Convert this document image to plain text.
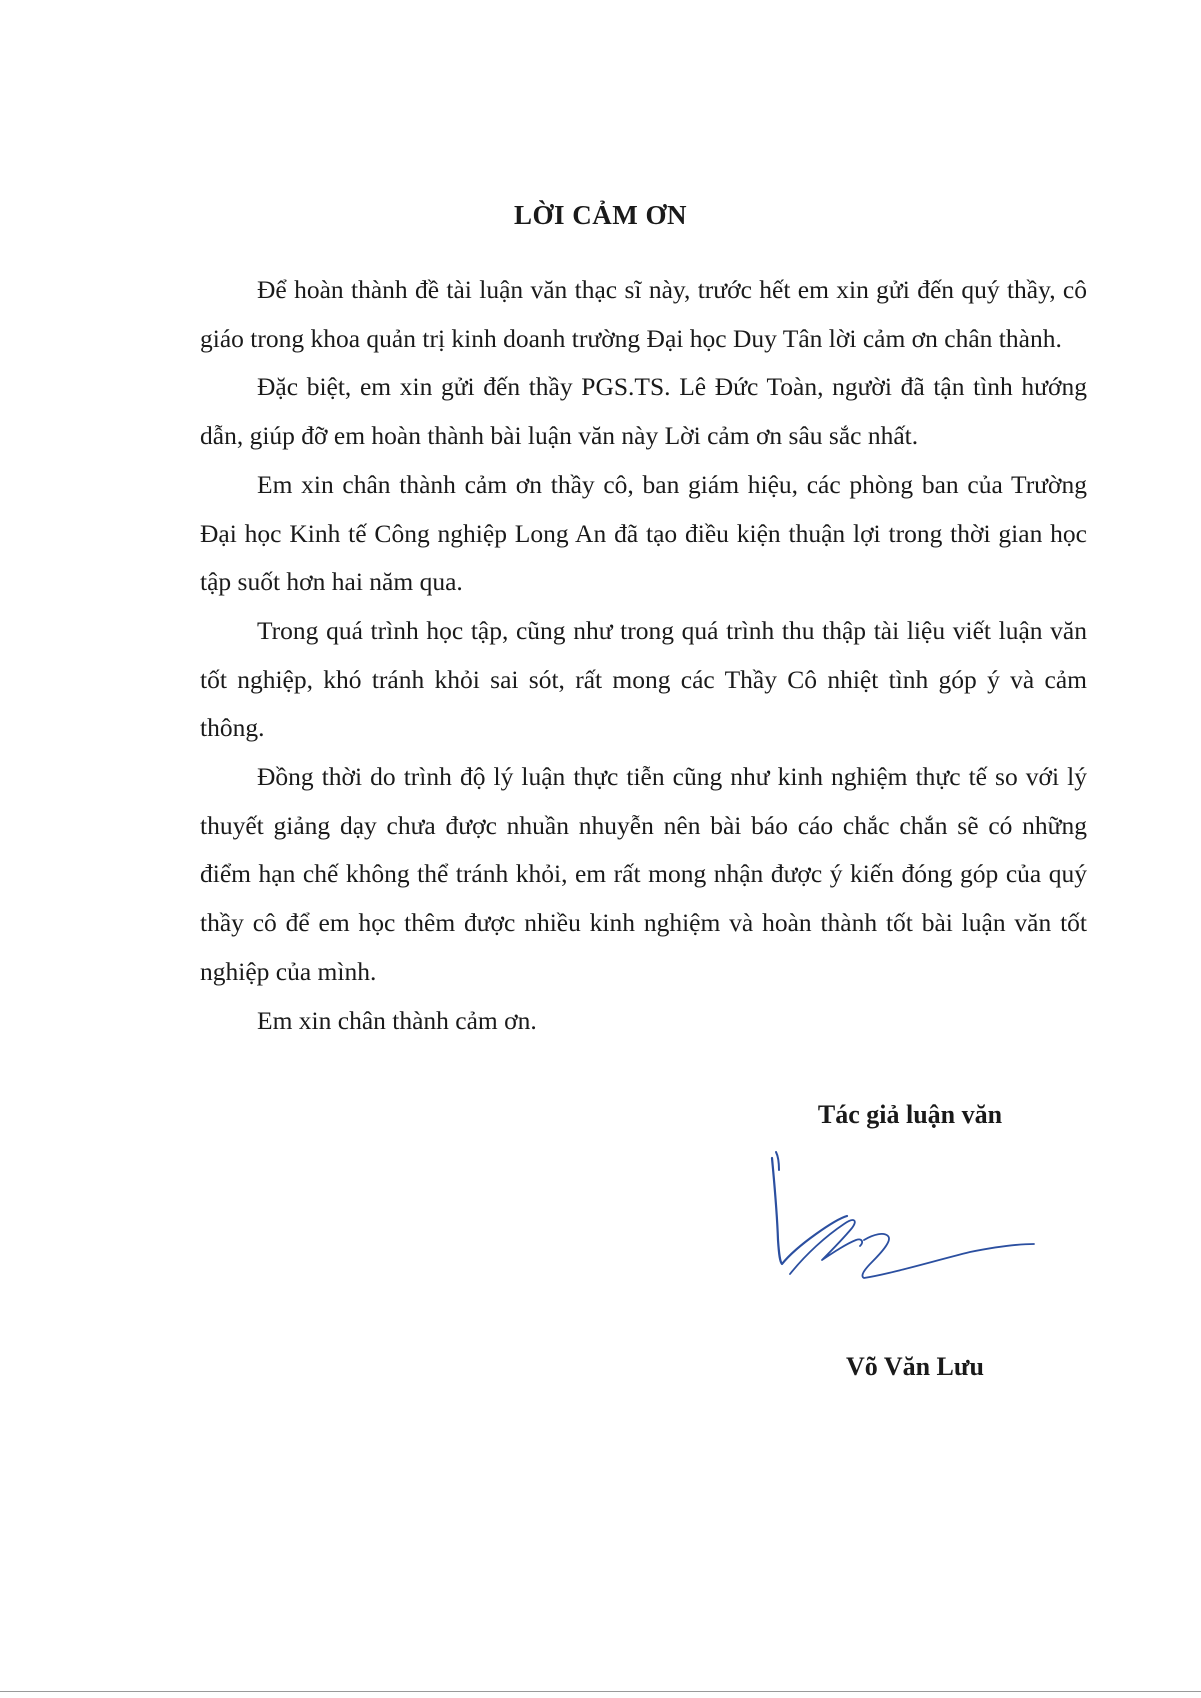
LỜI CẢM ƠN

Để hoàn thành đề tài luận văn thạc sĩ này, trước hết em xin gửi đến quý thầy, cô giáo trong khoa quản trị kinh doanh trường Đại học Duy Tân lời cảm ơn chân thành.

Đặc biệt, em xin gửi đến thầy PGS.TS. Lê Đức Toàn, người đã tận tình hướng dẫn, giúp đỡ em hoàn thành bài luận văn này Lời cảm ơn sâu sắc nhất.

Em xin chân thành cảm ơn thầy cô, ban giám hiệu, các phòng ban của Trường Đại học Kinh tế Công nghiệp Long An đã tạo điều kiện thuận lợi trong thời gian học tập suốt hơn hai năm qua.

Trong quá trình học tập, cũng như trong quá trình thu thập tài liệu viết luận văn tốt nghiệp, khó tránh khỏi sai sót, rất mong các Thầy Cô nhiệt tình góp ý và cảm thông.

Đồng thời do trình độ lý luận thực tiễn cũng như kinh nghiệm thực tế so với lý thuyết giảng dạy chưa được nhuần nhuyễn nên bài báo cáo chắc chắn sẽ có những điểm hạn chế không thể tránh khỏi, em rất mong nhận được ý kiến đóng góp của quý thầy cô để em học thêm được nhiều kinh nghiệm và hoàn thành tốt bài luận văn tốt nghiệp của mình.

Em xin chân thành cảm ơn.

Tác giả luận văn
Võ Văn Lưu
